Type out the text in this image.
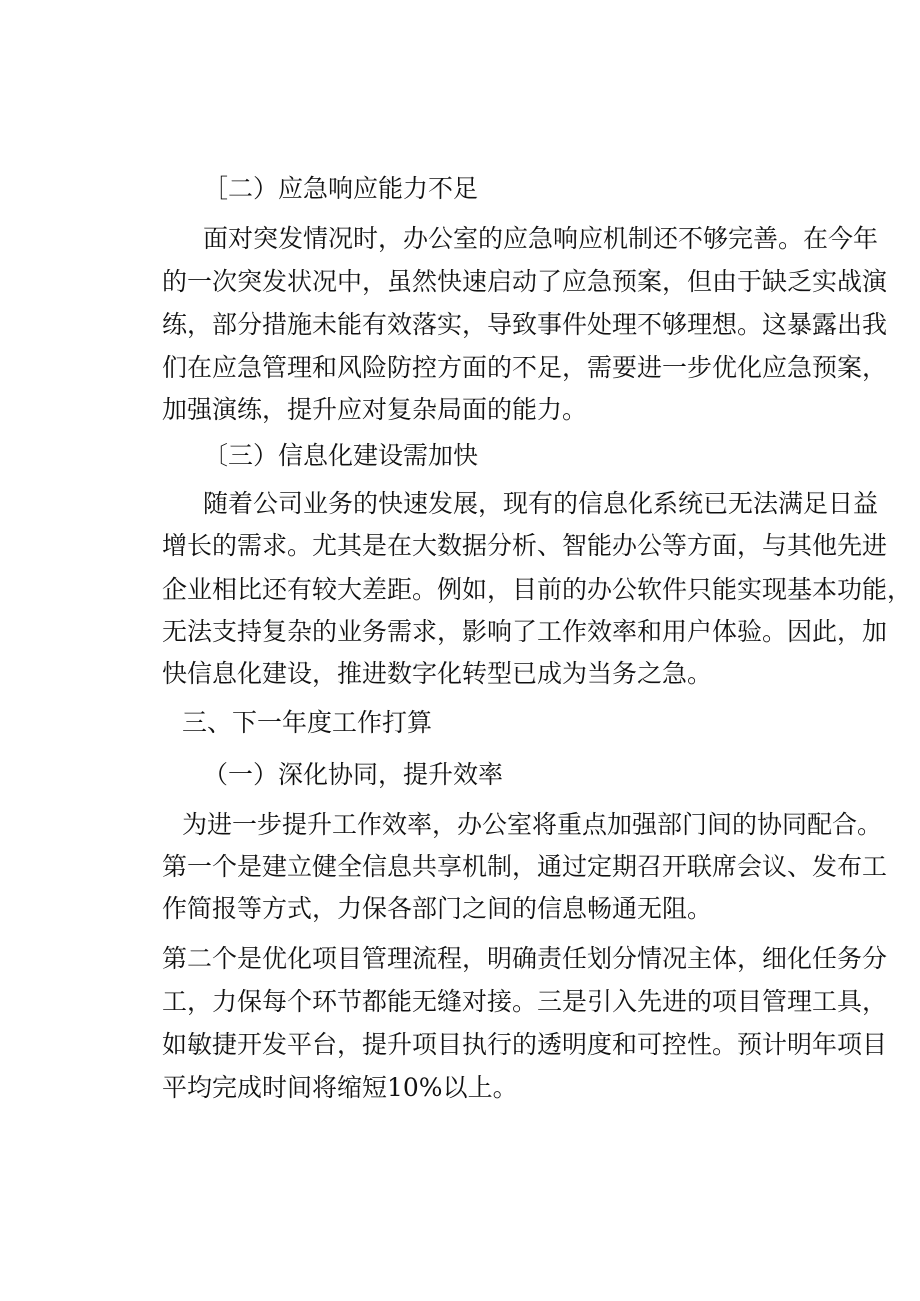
［二）应急响应能力不足

面对突发情况时，办公室的应急响应机制还不够完善。在今年

的一次突发状况中，虽然快速启动了应急预案，但由于缺乏实战演

练，部分措施未能有效落实，导致事件处理不够理想。这暴露出我

们在应急管理和风险防控方面的不足，需要进一步优化应急预案，

加强演练，提升应对复杂局面的能力。

〔三）信息化建设需加快

随着公司业务的快速发展，现有的信息化系统已无法满足日益

增长的需求。尤其是在大数据分析、智能办公等方面，与其他先进

企业相比还有较大差距。例如，目前的办公软件只能实现基本功能，

无法支持复杂的业务需求，影响了工作效率和用户体验。因此，加

快信息化建设，推进数字化转型已成为当务之急。

三、下一年度工作打算

（一）深化协同，提升效率

为进一步提升工作效率，办公室将重点加强部门间的协同配合。

第一个是建立健全信息共享机制，通过定期召开联席会议、发布工

作简报等方式，力保各部门之间的信息畅通无阻。

第二个是优化项目管理流程，明确责任划分情况主体，细化任务分

工，力保每个环节都能无缝对接。三是引入先进的项目管理工具，

如敏捷开发平台，提升项目执行的透明度和可控性。预计明年项目

平均完成时间将缩短10%以上。
